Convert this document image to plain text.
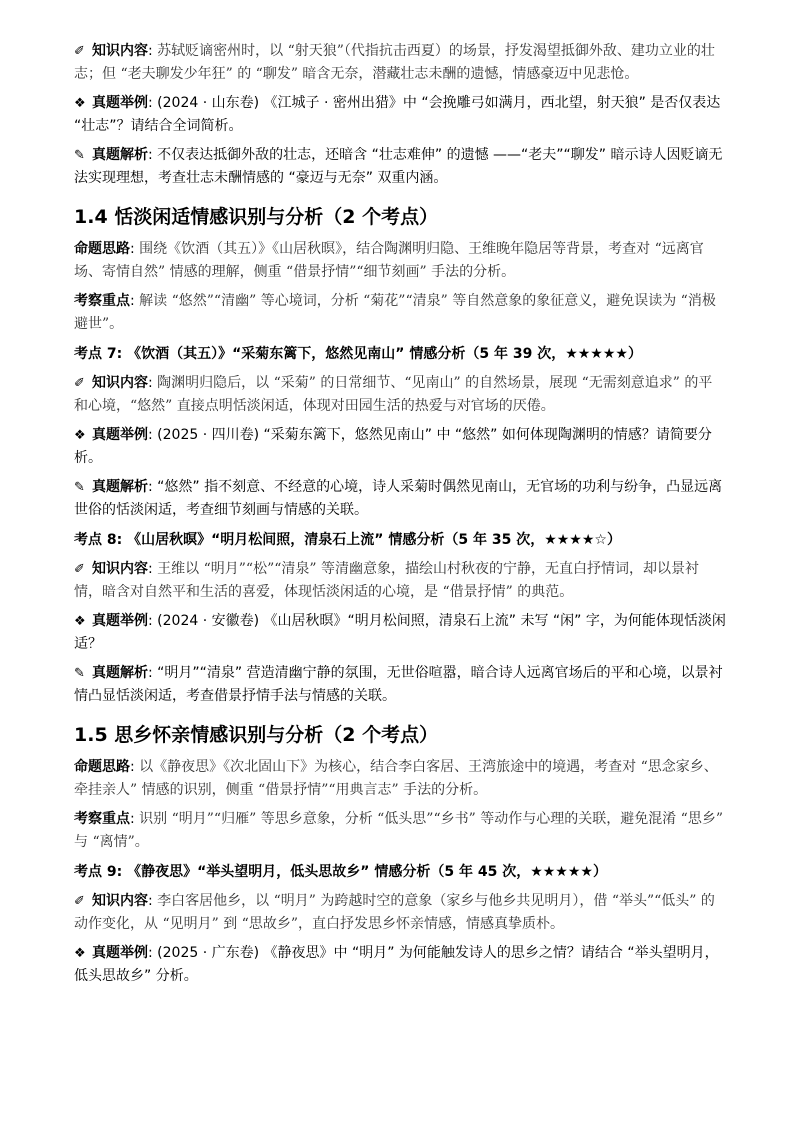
✐ 知识内容: 苏轼贬谪密州时，以 “射天狼”（代指抗击西夏）的场景，抒发渴望抵御外敌、建功立业的壮志；但 “老夫聊发少年狂” 的 “聊发” 暗含无奈，潜藏壮志未酬的遗憾，情感豪迈中见悲怆。
❖ 真题举例: (2024 · 山东卷) 《江城子 · 密州出猎》中 “会挽雕弓如满月，西北望，射天狼” 是否仅表达 “壮志”？请结合全词简析。
✎ 真题解析: 不仅表达抵御外敌的壮志，还暗含 “壮志难伸” 的遗憾 ——“老夫”“聊发” 暗示诗人因贬谪无法实现理想，考查壮志未酬情感的 “豪迈与无奈” 双重内涵。
1.4 恬淡闲适情感识别与分析（2 个考点）
命题思路: 围绕《饮酒（其五）》《山居秋暝》，结合陶渊明归隐、王维晚年隐居等背景，考查对 “远离官场、寄情自然” 情感的理解，侧重 “借景抒情”“细节刻画” 手法的分析。
考察重点: 解读 “悠然”“清幽” 等心境词，分析 “菊花”“清泉” 等自然意象的象征意义，避免误读为 “消极避世”。
考点 7: 《饮酒（其五）》“采菊东篱下，悠然见南山” 情感分析（5 年 39 次，★★★★★）
✐ 知识内容: 陶渊明归隐后，以 “采菊” 的日常细节、“见南山” 的自然场景，展现 “无需刻意追求” 的平和心境，“悠然” 直接点明恬淡闲适，体现对田园生活的热爱与对官场的厌倦。
❖ 真题举例: (2025 · 四川卷) “采菊东篱下，悠然见南山” 中 “悠然” 如何体现陶渊明的情感？请简要分析。
✎ 真题解析: “悠然” 指不刻意、不经意的心境，诗人采菊时偶然见南山，无官场的功利与纷争，凸显远离世俗的恬淡闲适，考查细节刻画与情感的关联。
考点 8: 《山居秋暝》“明月松间照，清泉石上流” 情感分析（5 年 35 次，★★★★☆）
✐ 知识内容: 王维以 “明月”“松”“清泉” 等清幽意象，描绘山村秋夜的宁静，无直白抒情词，却以景衬情，暗含对自然平和生活的喜爱，体现恬淡闲适的心境，是 “借景抒情” 的典范。
❖ 真题举例: (2024 · 安徽卷) 《山居秋暝》“明月松间照，清泉石上流” 未写 “闲” 字，为何能体现恬淡闲适？
✎ 真题解析: “明月”“清泉” 营造清幽宁静的氛围，无世俗喧嚣，暗合诗人远离官场后的平和心境，以景衬情凸显恬淡闲适，考查借景抒情手法与情感的关联。
1.5 思乡怀亲情感识别与分析（2 个考点）
命题思路: 以《静夜思》《次北固山下》为核心，结合李白客居、王湾旅途中的境遇，考查对 “思念家乡、牵挂亲人” 情感的识别，侧重 “借景抒情”“用典言志” 手法的分析。
考察重点: 识别 “明月”“归雁” 等思乡意象，分析 “低头思”“乡书” 等动作与心理的关联，避免混淆 “思乡” 与 “离情”。
考点 9: 《静夜思》“举头望明月，低头思故乡” 情感分析（5 年 45 次，★★★★★）
✐ 知识内容: 李白客居他乡，以 “明月” 为跨越时空的意象（家乡与他乡共见明月），借 “举头”“低头” 的动作变化，从 “见明月” 到 “思故乡”，直白抒发思乡怀亲情感，情感真挚质朴。
❖ 真题举例: (2025 · 广东卷) 《静夜思》中 “明月” 为何能触发诗人的思乡之情？请结合 “举头望明月，低头思故乡” 分析。
